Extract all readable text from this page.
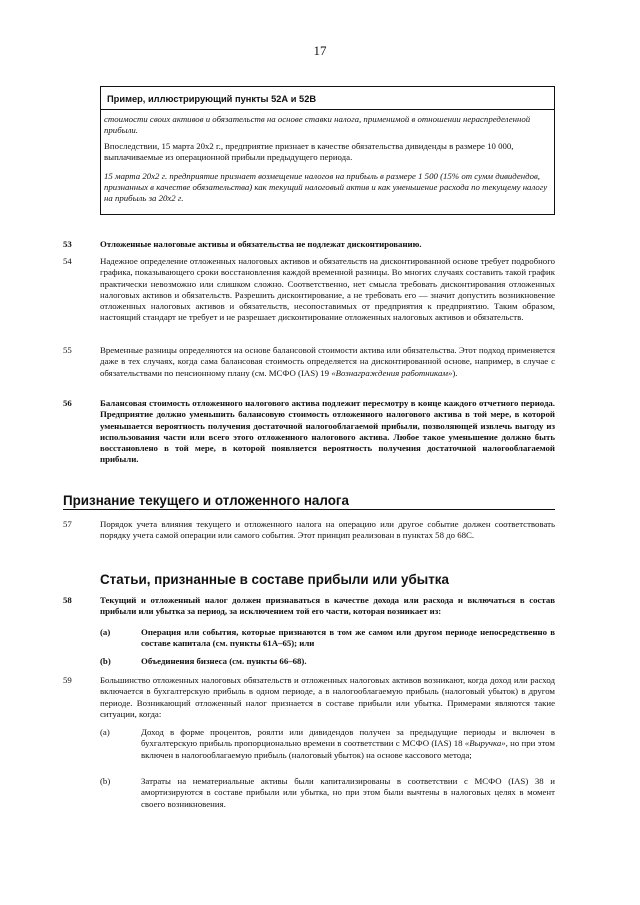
17
Пример, иллюстрирующий пункты 52А и 52В
стоимости своих активов и обязательств на основе ставки налога, применимой в отношении нераспределенной прибыли.
Впоследствии, 15 марта 20х2 г., предприятие признает в качестве обязательства дивиденды в размере 10 000, выплачиваемые из операционной прибыли предыдущего периода.
15 марта 20х2 г. предприятие признает возмещение налогов на прибыль в размере 1 500 (15% от сумм дивидендов, признанных в качестве обязательства) как текущий налоговый актив и как уменьшение расхода по текущему налогу на прибыль за 20х2 г.
53	Отложенные налоговые активы и обязательства не подлежат дисконтированию.
54	Надежное определение отложенных налоговых активов и обязательств на дисконтированной основе требует подробного графика, показывающего сроки восстановления каждой временной разницы. Во многих случаях составить такой график практически невозможно или слишком сложно. Соответственно, нет смысла требовать дисконтирования отложенных налоговых активов и обязательств. Разрешить дисконтирование, а не требовать его — значит допустить возникновение отложенных налоговых активов и обязательств, несопоставимых от предприятия к предприятию. Таким образом, настоящий стандарт не требует и не разрешает дисконтирование отложенных налоговых активов и обязательств.
55	Временные разницы определяются на основе балансовой стоимости актива или обязательства. Этот подход применяется даже в тех случаях, когда сама балансовая стоимость определяется на дисконтированной основе, например, в случае с обязательствами по пенсионному плану (см. МСФО (IAS) 19 «Вознаграждения работникам»).
56	Балансовая стоимость отложенного налогового актива подлежит пересмотру в конце каждого отчетного периода. Предприятие должно уменьшить балансовую стоимость отложенного налогового актива в той мере, в которой уменьшается вероятность получения достаточной налогооблагаемой прибыли, позволяющей извлечь выгоду из использования части или всего этого отложенного налогового актива. Любое такое уменьшение должно быть восстановлено в той мере, в которой появляется вероятность получения достаточной налогооблагаемой прибыли.
Признание текущего и отложенного налога
57	Порядок учета влияния текущего и отложенного налога на операцию или другое событие должен соответствовать порядку учета самой операции или самого события. Этот принцип реализован в пунктах 58 до 68С.
Статьи, признанные в составе прибыли или убытка
58	Текущий и отложенный налог должен признаваться в качестве дохода или расхода и включаться в состав прибыли или убытка за период, за исключением той его части, которая возникает из:
(а)	Операция или события, которые признаются в том же самом или другом периоде непосредственно в составе капитала (см. пункты 61А–65); или
(b)	Объединения бизнеса (см. пункты 66–68).
59	Большинство отложенных налоговых обязательств и отложенных налоговых активов возникают, когда доход или расход включается в бухгалтерскую прибыль в одном периоде, а в налогооблагаемую прибыль (налоговый убыток) в другом периоде. Возникающий отложенный налог признается в составе прибыли или убытка. Примерами являются такие ситуации, когда:
(а)	Доход в форме процентов, роялти или дивидендов получен за предыдущие периоды и включен в бухгалтерскую прибыль пропорционально времени в соответствии с МСФО (IAS) 18 «Выручка», но при этом включен в налогооблагаемую прибыль (налоговый убыток) на основе кассового метода;
(b)	Затраты на нематериальные активы были капитализированы в соответствии с МСФО (IAS) 38 и амортизируются в составе прибыли или убытка, но при этом были вычтены в налоговых целях в момент своего возникновения.
